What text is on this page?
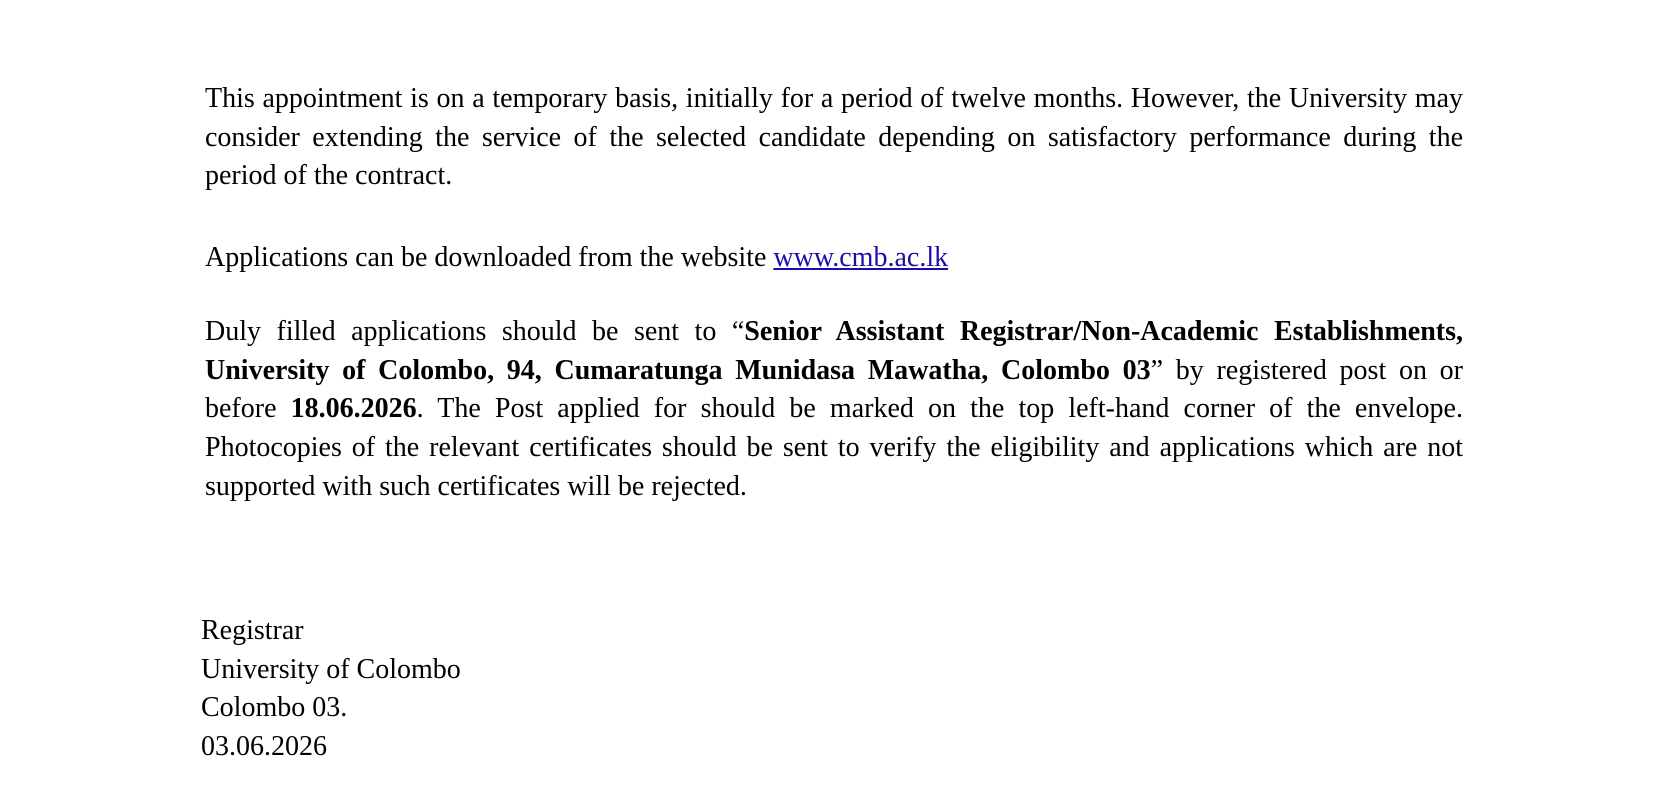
This appointment is on a temporary basis, initially for a period of twelve months. However, the University may consider extending the service of the selected candidate depending on satisfactory performance during the period of the contract.

Applications can be downloaded from the website www.cmb.ac.lk

Duly filled applications should be sent to “Senior Assistant Registrar/Non-Academic Establishments, University of Colombo, 94, Cumaratunga Munidasa Mawatha, Colombo 03” by registered post on or before 18.06.2026. The Post applied for should be marked on the top left-hand corner of the envelope. Photocopies of the relevant certificates should be sent to verify the eligibility and applications which are not supported with such certificates will be rejected.

Registrar
University of Colombo
Colombo 03.
03.06.2026
